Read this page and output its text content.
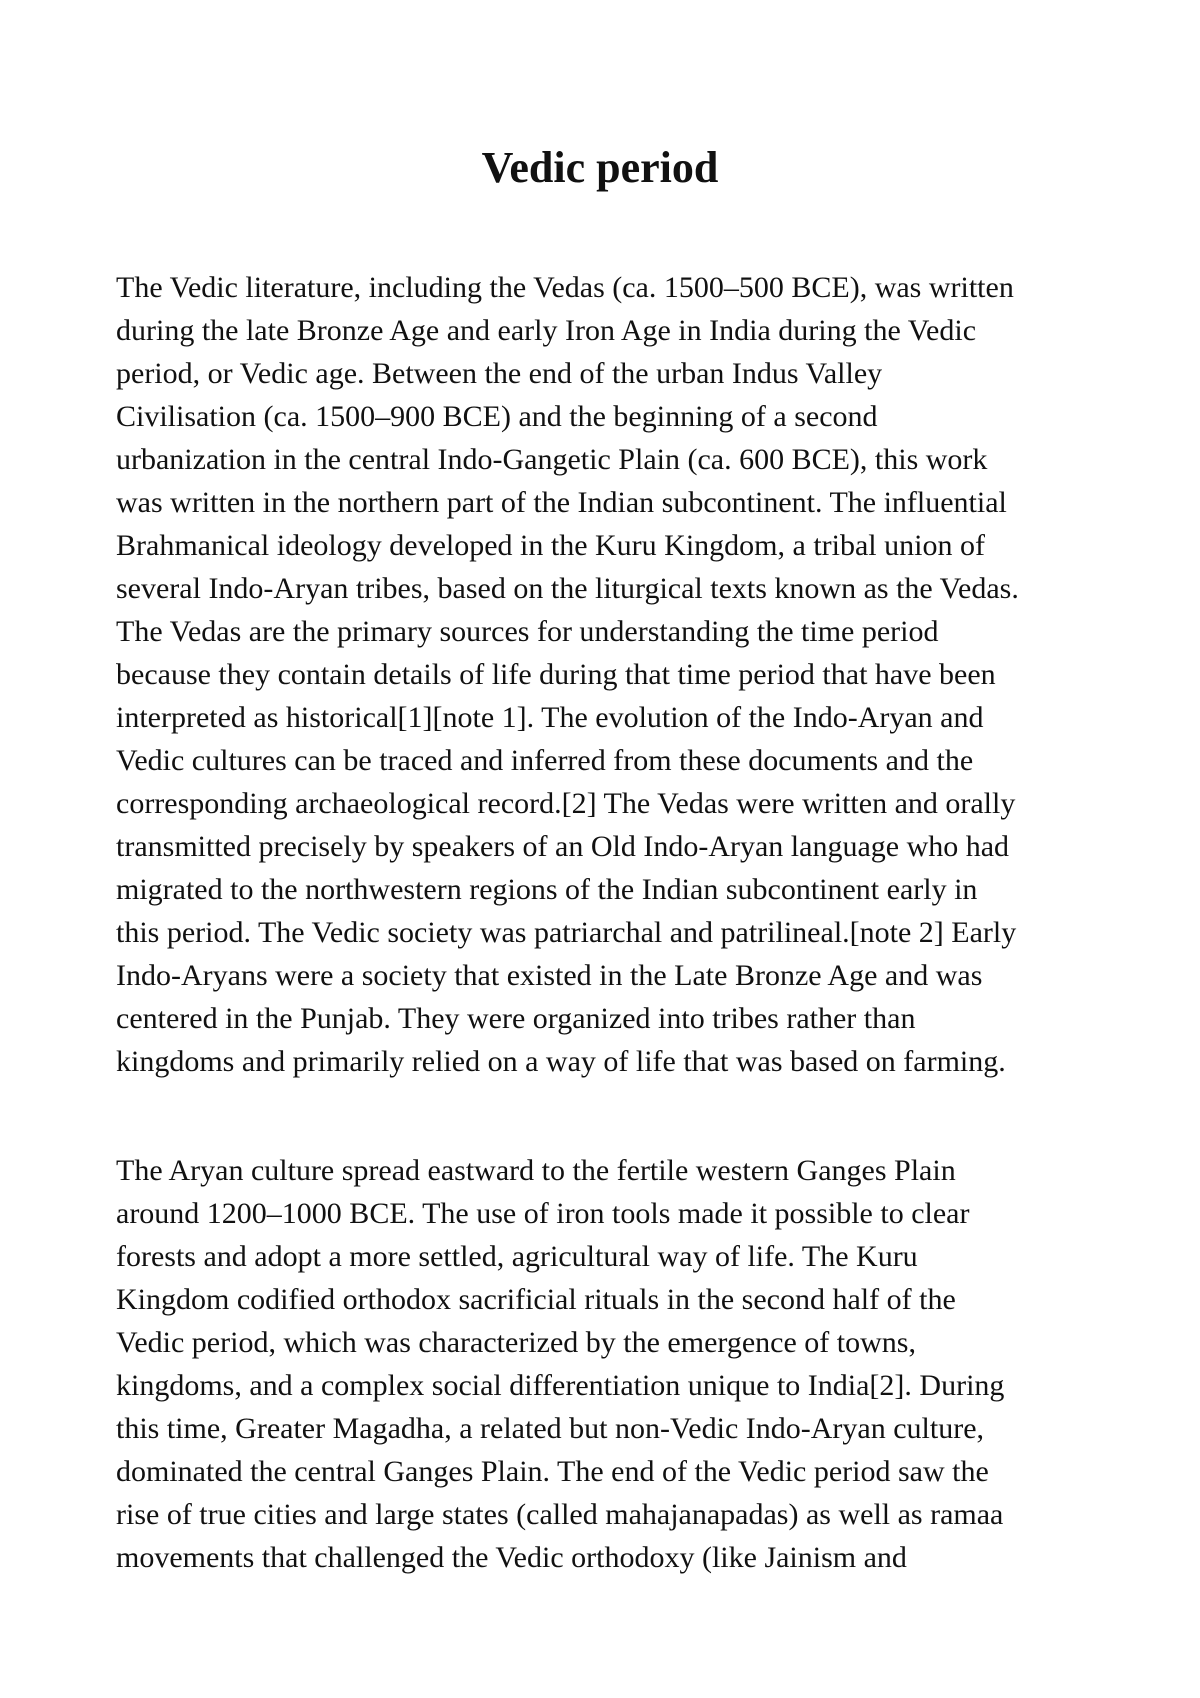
Vedic period

The Vedic literature, including the Vedas (ca. 1500–500 BCE), was written

during the late Bronze Age and early Iron Age in India during the Vedic

period, or Vedic age. Between the end of the urban Indus Valley

Civilisation (ca. 1500–900 BCE) and the beginning of a second

urbanization in the central Indo-Gangetic Plain (ca. 600 BCE), this work

was written in the northern part of the Indian subcontinent. The influential

Brahmanical ideology developed in the Kuru Kingdom, a tribal union of

several Indo-Aryan tribes, based on the liturgical texts known as the Vedas.

The Vedas are the primary sources for understanding the time period

because they contain details of life during that time period that have been

interpreted as historical[1][note 1]. The evolution of the Indo-Aryan and

Vedic cultures can be traced and inferred from these documents and the

corresponding archaeological record.[2] The Vedas were written and orally

transmitted precisely by speakers of an Old Indo-Aryan language who had

migrated to the northwestern regions of the Indian subcontinent early in

this period. The Vedic society was patriarchal and patrilineal.[note 2] Early

Indo-Aryans were a society that existed in the Late Bronze Age and was

centered in the Punjab. They were organized into tribes rather than

kingdoms and primarily relied on a way of life that was based on farming.

The Aryan culture spread eastward to the fertile western Ganges Plain

around 1200–1000 BCE. The use of iron tools made it possible to clear

forests and adopt a more settled, agricultural way of life. The Kuru

Kingdom codified orthodox sacrificial rituals in the second half of the

Vedic period, which was characterized by the emergence of towns,

kingdoms, and a complex social differentiation unique to India[2]. During

this time, Greater Magadha, a related but non-Vedic Indo-Aryan culture,

dominated the central Ganges Plain. The end of the Vedic period saw the

rise of true cities and large states (called mahajanapadas) as well as ramaa

movements that challenged the Vedic orthodoxy (like Jainism and
